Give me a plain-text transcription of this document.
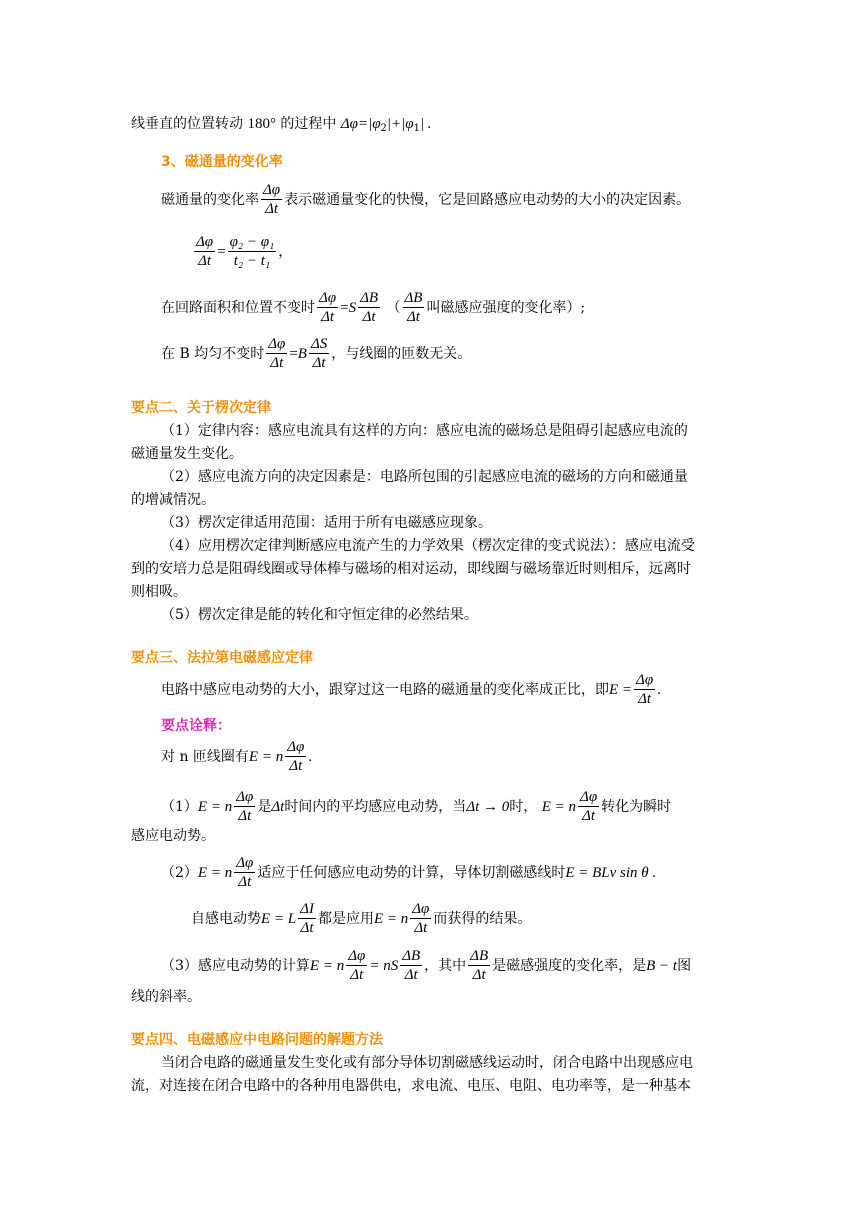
线垂直的位置转动 180° 的过程中 $\Delta\varphi=|\varphi_2|+|\varphi_1|$ .
3、磁通量的变化率
磁通量的变化率 $\frac{\Delta\varphi}{\Delta t}$ 表示磁通量变化的快慢，它是回路感应电动势的大小的决定因素。
$\frac{\Delta\varphi}{\Delta t} = \frac{\text{φ₂ − φ₁}}{\text{t₂ − t₁}}$ ，
在回路面积和位置不变时 $\frac{\Delta\varphi}{\Delta t} =S \frac{\Delta B}{\Delta t}$ （ $\frac{\Delta B}{\Delta t}$ 叫磁感应强度的变化率）;
在 B 均匀不变时 $\frac{\Delta\varphi}{\Delta t} =B \frac{\Delta S}{\Delta t}$ ，与线圈的匝数无关。
要点二、关于楞次定律
（1）定律内容：感应电流具有这样的方向：感应电流的磁场总是阻碍引起感应电流的
磁通量发生变化。
（2）感应电流方向的决定因素是：电路所包围的引起感应电流的磁场的方向和磁通量
的增减情况。
（3）楞次定律适用范围：适用于所有电磁感应现象。
（4）应用楞次定律判断感应电流产生的力学效果（楞次定律的变式说法）：感应电流受
到的安培力总是阻碍线圈或导体棒与磁场的相对运动，即线圈与磁场靠近时则相斥，远离时
则相吸。
（5）楞次定律是能的转化和守恒定律的必然结果。
要点三、法拉第电磁感应定律
电路中感应电动势的大小，跟穿过这一电路的磁通量的变化率成正比，即$E = \frac{\Delta\varphi}{\Delta t}$ .
要点诠释：
对 n 匝线圈有E = n $\frac{\Delta\varphi}{\Delta t}$ .
（1）E = n $\frac{\Delta\varphi}{\Delta t}$ 是Δt时间内的平均感应电动势，当Δt → 0时， E = n $\frac{\Delta\varphi}{\Delta t}$ 转化为瞬时
感应电动势。
（2）E = n $\frac{\Delta\varphi}{\Delta t}$ 适应于任何感应电动势的计算，导体切割磁感线时E = BLv sin θ .
自感电动势E = L $\frac{\Delta I}{\Delta t}$ 都是应用E = n $\frac{\Delta\varphi}{\Delta t}$ 而获得的结果。
（3）感应电动势的计算E = n $\frac{\Delta\varphi}{\Delta t}$ = nS $\frac{\Delta B}{\Delta t}$ ，其中 $\frac{\Delta B}{\Delta t}$ 是磁感强度的变化率，是B − t图
线的斜率。
要点四、电磁感应中电路问题的解题方法
当闭合电路的磁通量发生变化或有部分导体切割磁感线运动时，闭合电路中出现感应电
流，对连接在闭合电路中的各种用电器供电，求电流、电压、电阻、电功率等，是一种基本
